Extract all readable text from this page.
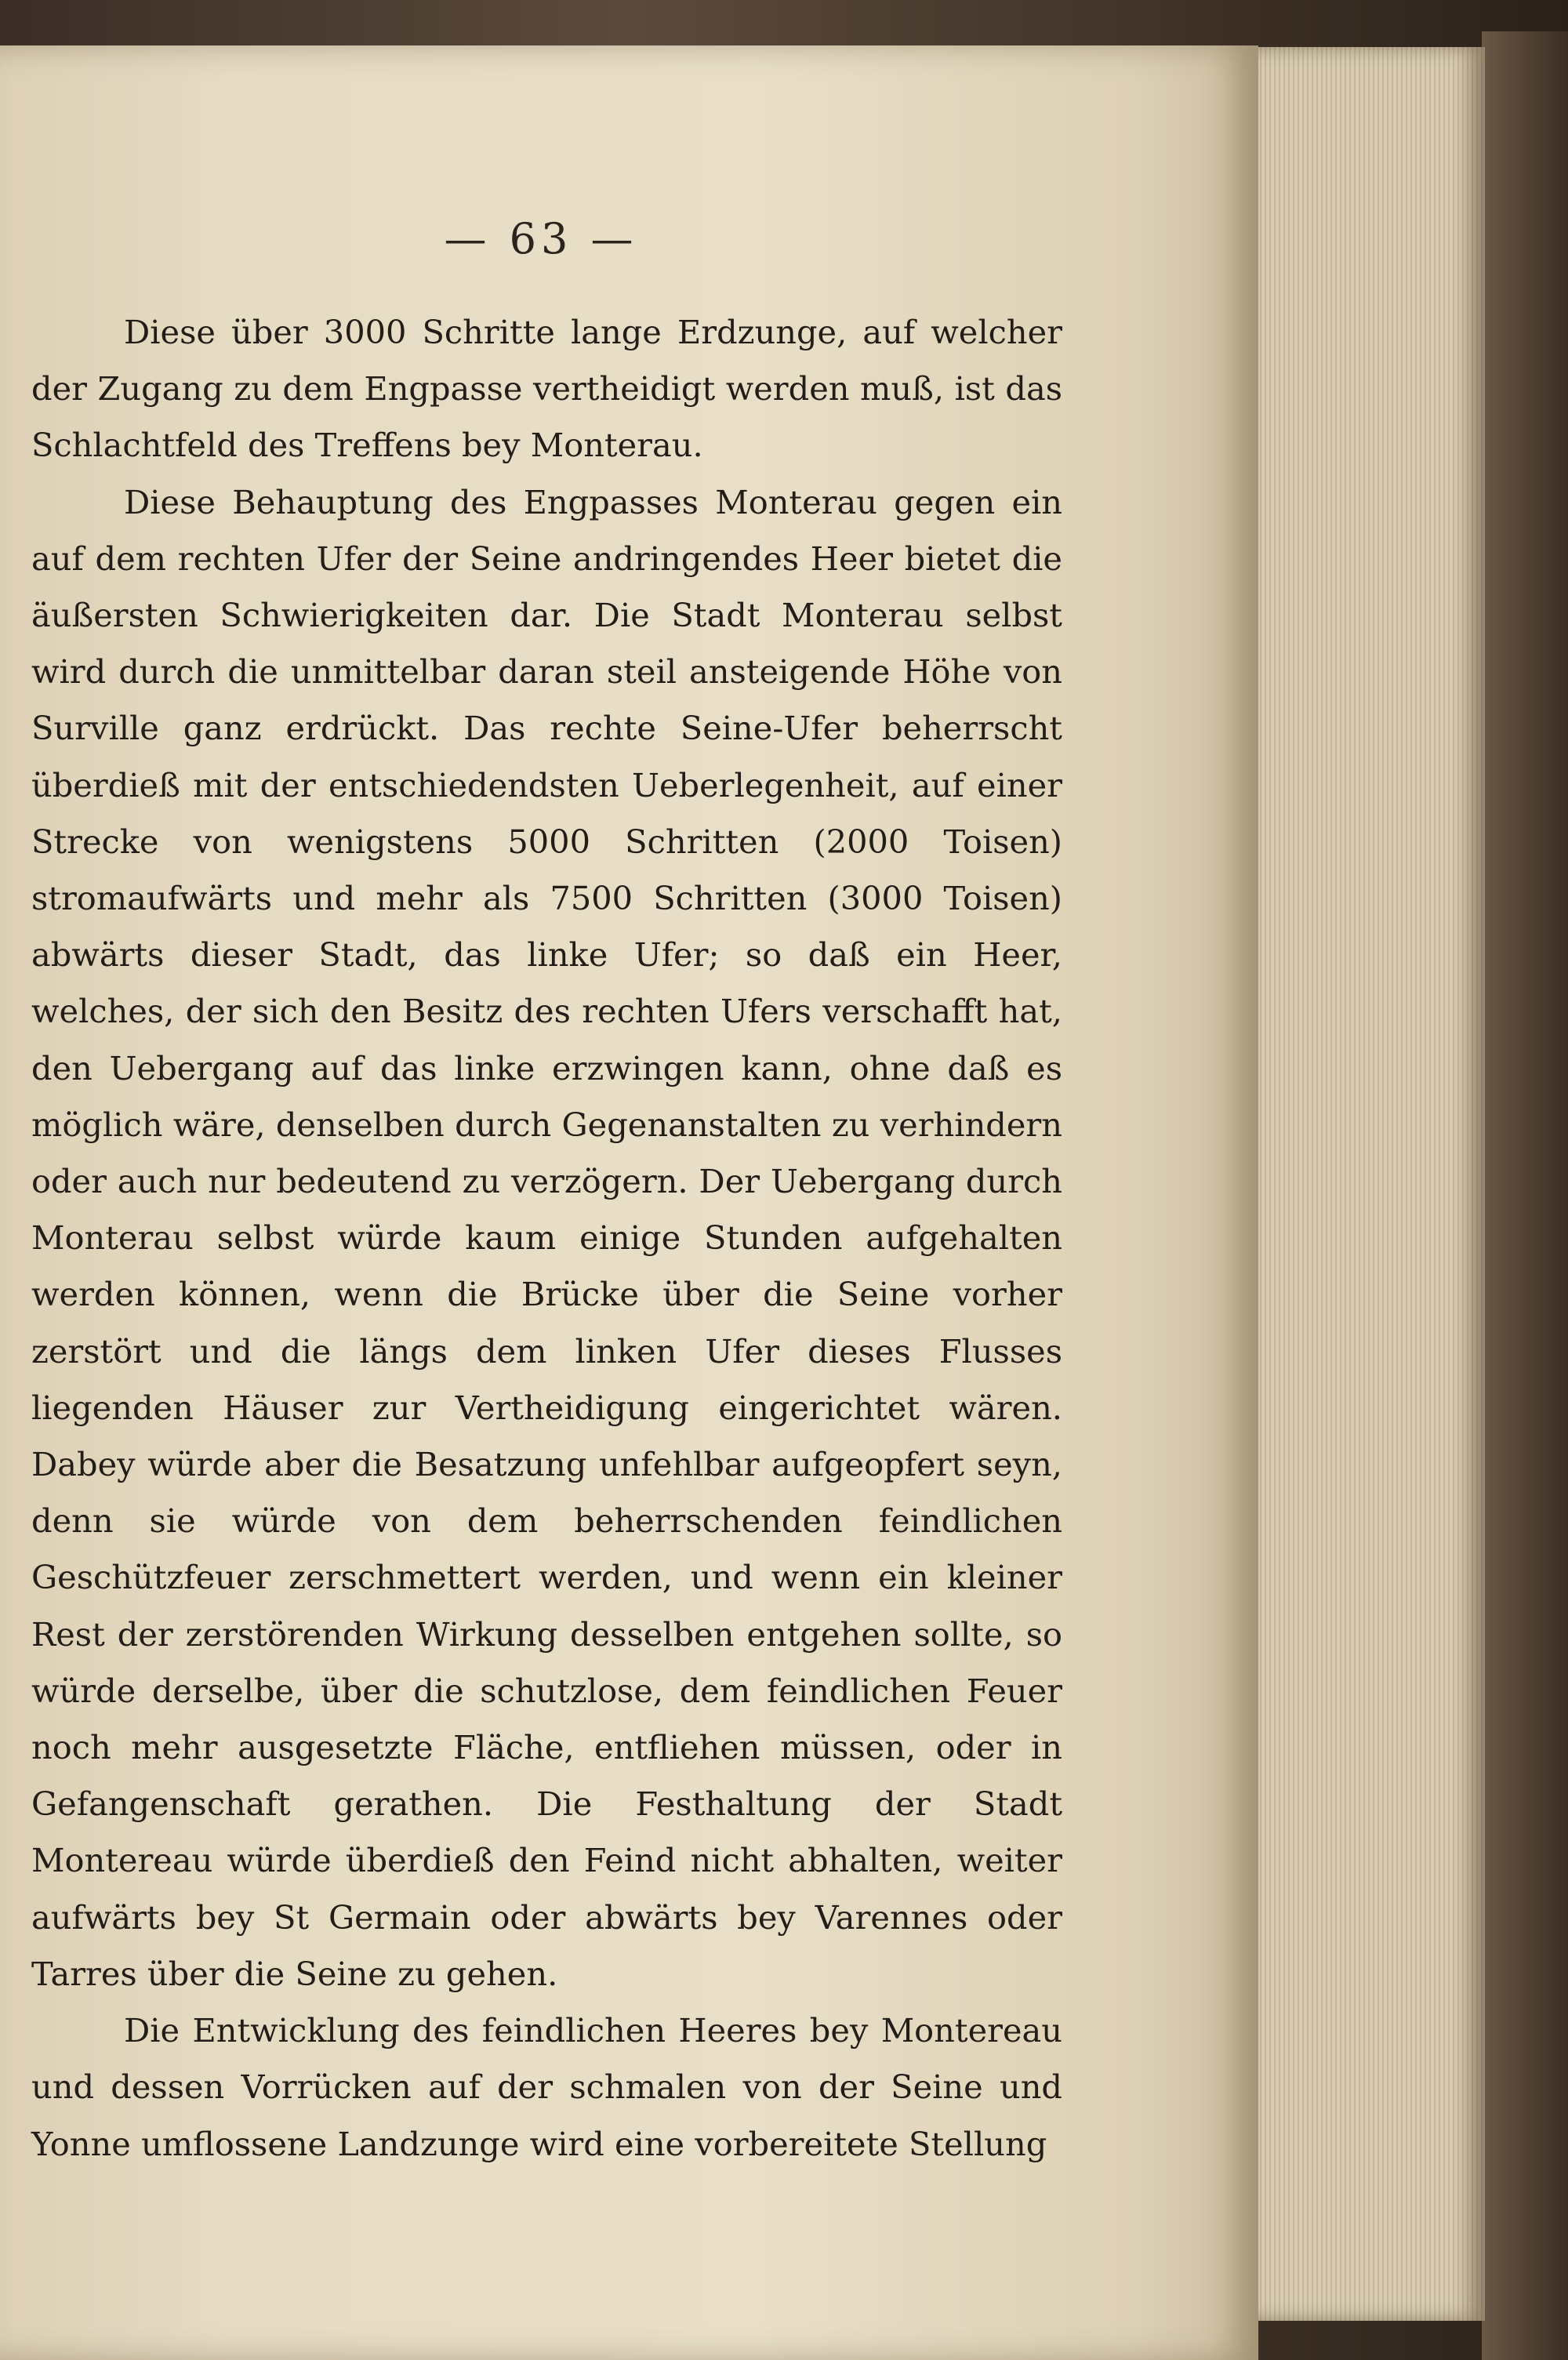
— 63 —

Diese über 3000 Schritte lange Erdzunge, auf welcher der Zugang zu dem Engpasse vertheidigt werden muß, ist das Schlachtfeld des Treffens bey Monterau.

Diese Behauptung des Engpasses Monterau gegen ein auf dem rechten Ufer der Seine andringendes Heer bietet die äußersten Schwierigkeiten dar. Die Stadt Monterau selbst wird durch die unmittelbar daran steil ansteigende Höhe von Surville ganz erdrückt. Das rechte Seine-Ufer beherrscht überdieß mit der entschiedendsten Ueberlegenheit, auf einer Strecke von wenigstens 5000 Schritten (2000 Toisen) stromaufwärts und mehr als 7500 Schritten (3000 Toisen) abwärts dieser Stadt, das linke Ufer; so daß ein Heer, welches, der sich den Besitz des rechten Ufers verschafft hat, den Uebergang auf das linke erzwingen kann, ohne daß es möglich wäre, denselben durch Gegenanstalten zu verhindern oder auch nur bedeutend zu verzögern. Der Uebergang durch Monterau selbst würde kaum einige Stunden aufgehalten werden können, wenn die Brücke über die Seine vorher zerstört und die längs dem linken Ufer dieses Flusses liegenden Häuser zur Vertheidigung eingerichtet wären. Dabey würde aber die Besatzung unfehlbar aufgeopfert seyn, denn sie würde von dem beherrschenden feindlichen Geschützfeuer zerschmettert werden, und wenn ein kleiner Rest der zerstörenden Wirkung desselben entgehen sollte, so würde derselbe, über die schutzlose, dem feindlichen Feuer noch mehr ausgesetzte Fläche, entfliehen müssen, oder in Gefangenschaft gerathen. Die Festhaltung der Stadt Montereau würde überdieß den Feind nicht abhalten, weiter aufwärts bey St Germain oder abwärts bey Varennes oder Tarres über die Seine zu gehen.

Die Entwicklung des feindlichen Heeres bey Montereau und dessen Vorrücken auf der schmalen von der Seine und Yonne umflossene Landzunge wird eine vorbereitete Stellung
